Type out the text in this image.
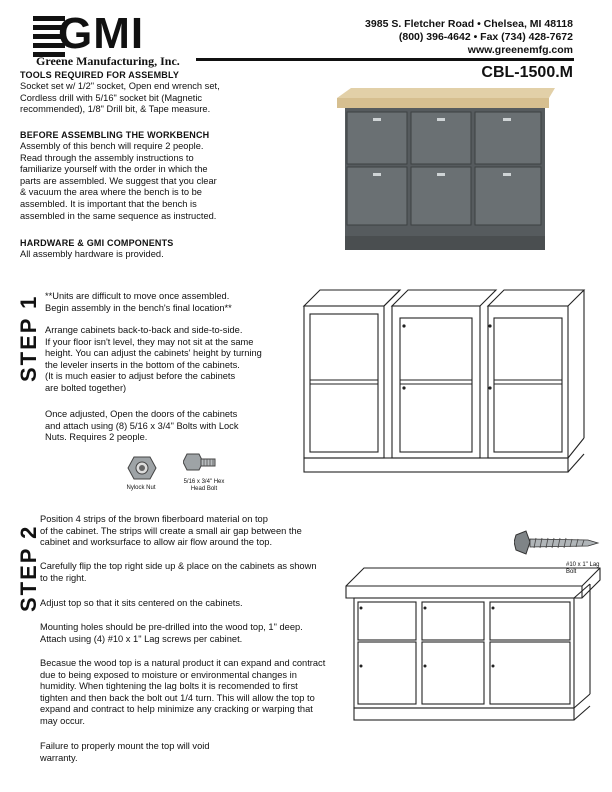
GMI
Greene Manufacturing, Inc.
3985 S. Fletcher Road • Chelsea, MI 48118
(800) 396-4642 • Fax (734) 428-7672
www.greenemfg.com
CBL-1500.M
TOOLS REQUIRED FOR ASSEMBLY
Socket set w/ 1/2" socket, Open end wrench set,
Cordless drill with 5/16" socket bit (Magnetic
recommended), 1/8" Drill bit, & Tape measure.
BEFORE ASSEMBLING THE WORKBENCH
Assembly of this bench will require 2 people.
Read through the assembly instructions to
familiarize yourself with the order in which the
parts are assembled. We suggest that you clear
& vacuum the area where the bench is to be
assembled. It is important that the bench is
assembled in the same sequence as instructed.
HARDWARE & GMI COMPONENTS
All assembly hardware is provided.
STEP 1 **Units are difficult to move once assembled.
Begin assembly in the bench's final location**
Arrange cabinets back-to-back and side-to-side.
If your floor isn't level, they may not sit at the same
height. You can adjust the cabinets' height by turning
the leveler inserts in the bottom of the cabinets.
(It is much easier to adjust before the cabinets
are bolted together)
Once adjusted, Open the doors of the cabinets
and attach using (8) 5/16 x 3/4" Bolts with Lock
Nuts. Requires 2 people.
Nylock Nut
5/16 x 3/4" Hex Head Bolt
STEP 2
Position 4 strips of the brown fiberboard material on top
of the cabinet. The strips will create a small air gap between the
cabinet and worksurface to allow air flow around the top.
Carefully flip the top right side up & place on the cabinets as shown
to the right.
Adjust top so that it sits centered on the cabinets.
Mounting holes should be pre-drilled into the wood top, 1" deep.
Attach using (4) #10 x 1" Lag screws per cabinet.
Becasue the wood top is a natural product it can expand and contract
due to being exposed to moisture or environmental changes in
humidity. When tightening the lag bolts it is recomended to first
tighten and then back the bolt out 1/4 turn. This will allow the top to
expand and contract to help minimize any cracking or warping that
may occur.
Failure to properly mount the top will void
warranty.
#10 x 1" Lag Bolt
